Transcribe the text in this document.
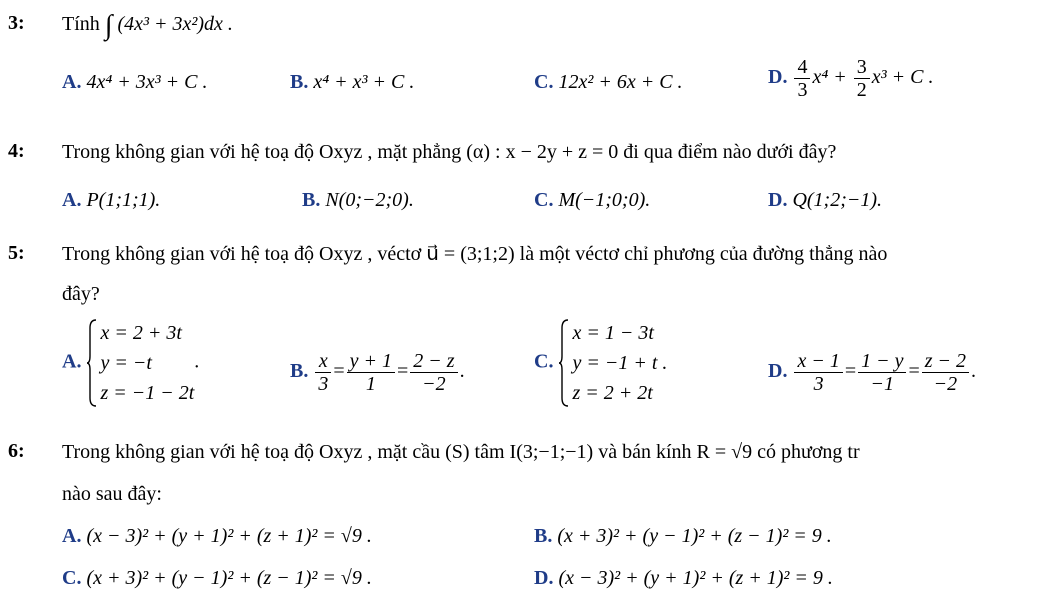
3: Tính ∫ (4x³ + 3x²)dx .
A. 4x⁴ + 3x³ + C .	B. x⁴ + x³ + C .	C. 12x² + 6x + C .	D. $\frac{4}{3} x^4 + \frac{3}{2} x^3 + C$ .
4: Trong không gian với hệ toạ độ Oxyz , mặt phẳng (α) : x − 2y + z = 0 đi qua điểm nào dưới đây?
A. P(1;1;1).	B. N(0;−2;0).	C. M(−1;0;0).	D. Q(1;2;−1).
5: Trong không gian với hệ toạ độ Oxyz , véctơ u⃗ = (3;1;2) là một véctơ chỉ phương của đường thẳng nào
đây?
A.
x = 2 + 3t
y = −t
z = −1 − 2t
.	B. $\frac{x}{3} = \frac{y + 1}{1} = \frac{2 - z}{-2}$ .	C.
x = 1 − 3t
y = −1 + t .
z = 2 + 2t
D. $\frac{x - 1}{3} = \frac{1 - y}{-1} = \frac{z - 2}{-2}$ .
6: Trong không gian với hệ toạ độ Oxyz , mặt cầu (S) tâm I(3;−1;−1) và bán kính R = √9 có phương tr
nào sau đây:
A. (x − 3)² + (y + 1)² + (z + 1)² = √9 .	B. (x + 3)² + (y − 1)² + (z − 1)² = 9 .
C. (x + 3)² + (y − 1)² + (z − 1)² = √9 .	D. (x − 3)² + (y + 1)² + (z + 1)² = 9 .
